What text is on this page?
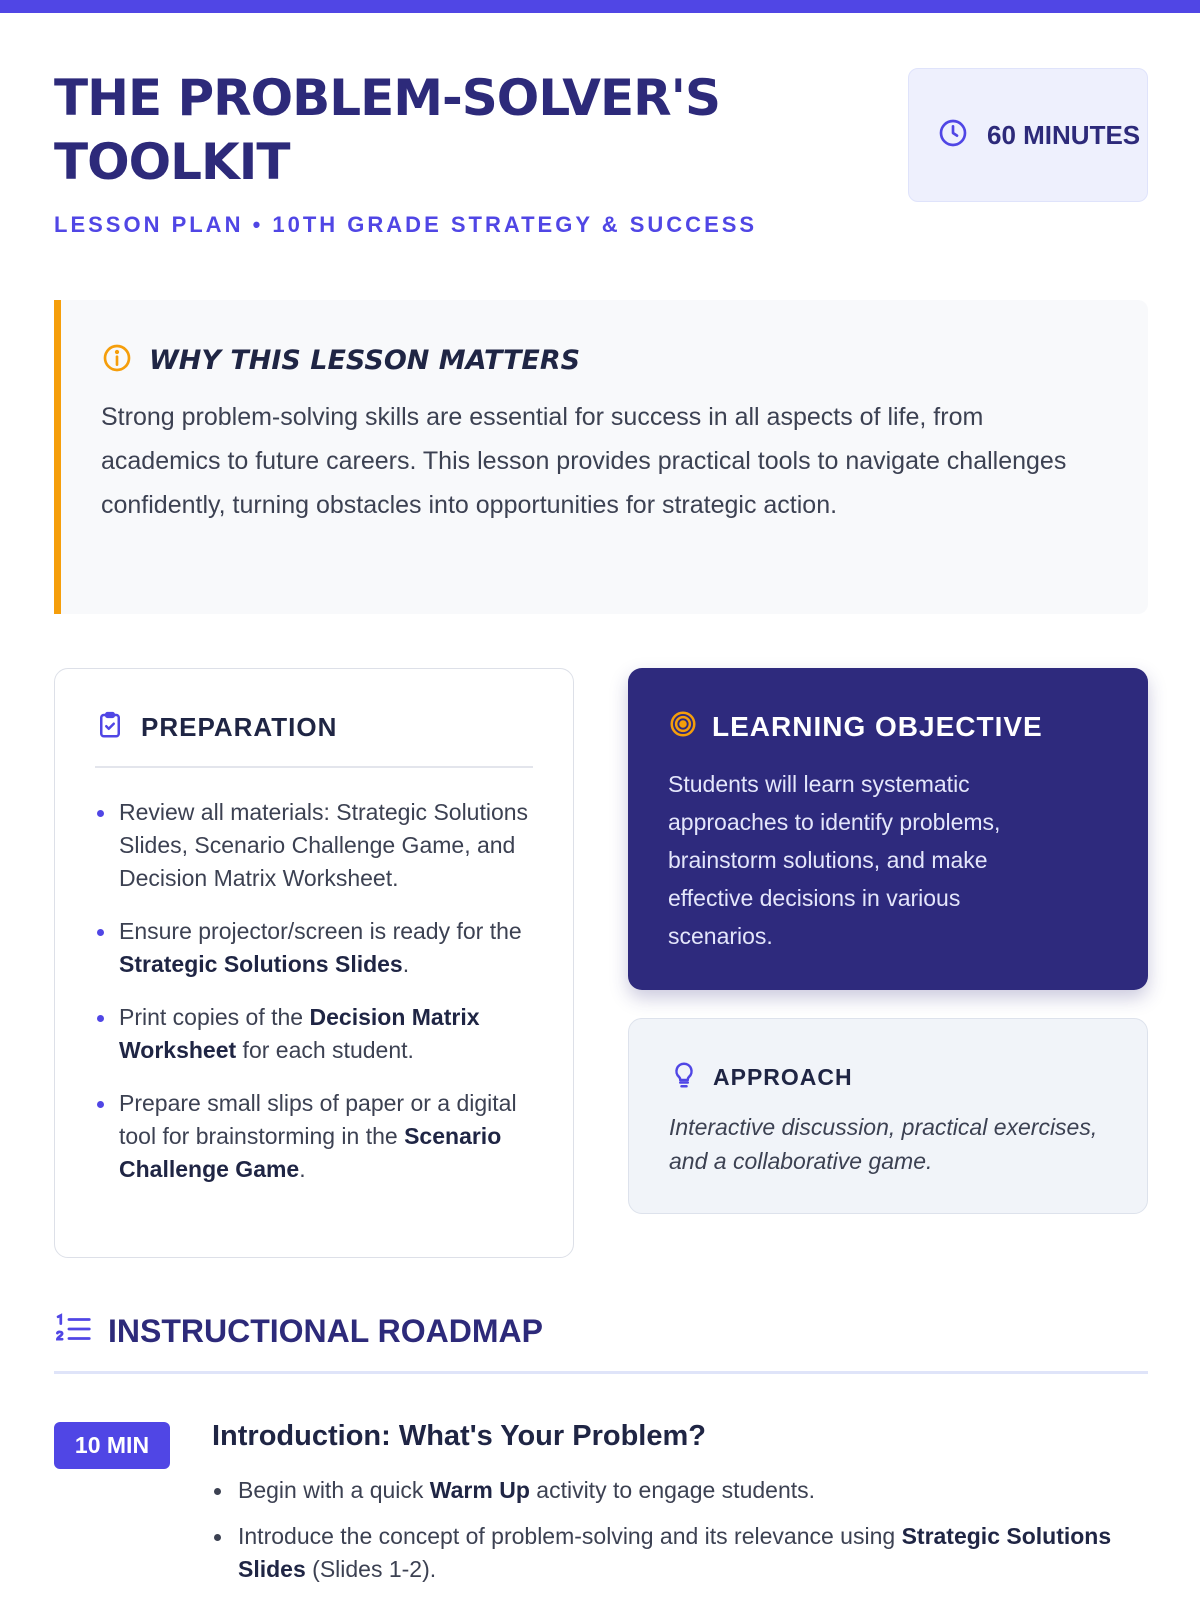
THE PROBLEM-SOLVER'S TOOLKIT
LESSON PLAN • 10TH GRADE STRATEGY & SUCCESS
60 MINUTES
WHY THIS LESSON MATTERS

Strong problem-solving skills are essential for success in all aspects of life, from academics to future careers. This lesson provides practical tools to navigate challenges confidently, turning obstacles into opportunities for strategic action.

PREPARATION
Review all materials: Strategic Solutions Slides, Scenario Challenge Game, and Decision Matrix Worksheet.
Ensure projector/screen is ready for the Strategic Solutions Slides.
Print copies of the Decision Matrix Worksheet for each student.
Prepare small slips of paper or a digital tool for brainstorming in the Scenario Challenge Game.
LEARNING OBJECTIVE

Students will learn systematic approaches to identify problems, brainstorm solutions, and make effective decisions in various scenarios.

APPROACH

Interactive discussion, practical exercises, and a collaborative game.

INSTRUCTIONAL ROADMAP
10 MIN	Introduction: What's Your Problem?
Begin with a quick Warm Up activity to engage students.
Introduce the concept of problem-solving and its relevance using Strategic Solutions Slides (Slides 1-2).
